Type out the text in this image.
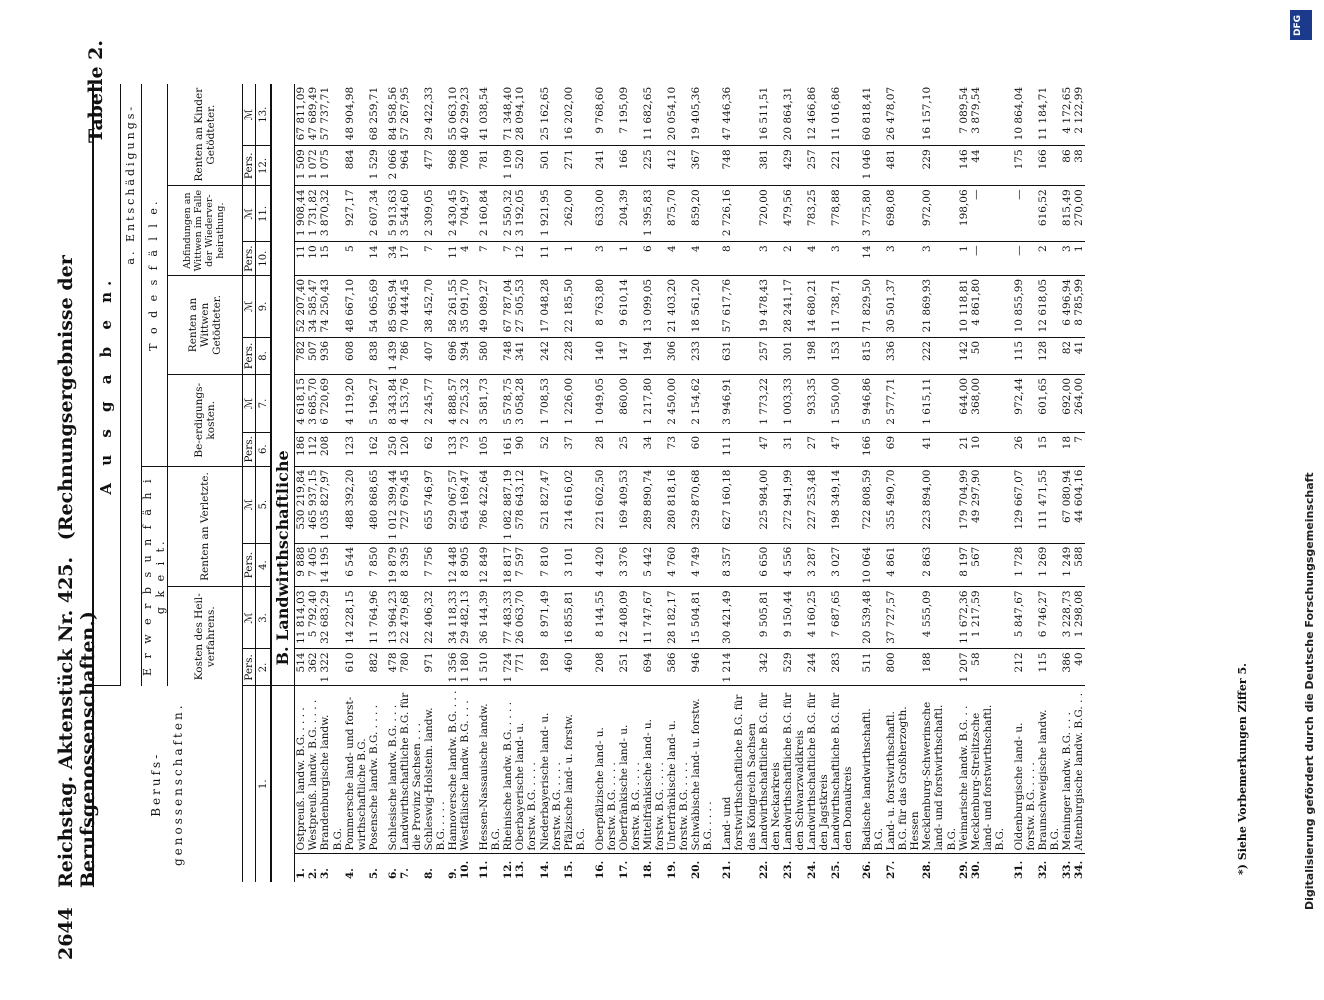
2644
Reichstag. Aktenstück Nr. 425. (Rechnungsergebnisse der Berufsgenossenschaften.)
Tabelle 2.
Berufs- genossenschaften.		A u s g a b e n.											
		a. Entschädigungs-											
		E r w e r b s u n f ä h i g k e i t.				T o d e s f ä l l e.							
		Kosten des Heil-verfahrens.		Renten an Verletzte.		Be-erdigungs-kosten.		Renten an Wittwen Getödteter.		Abfindungen an Wittwen im Falle der Wiederver-heirathung.		Renten an Kinder Getödteter.	
		Pers.	ℳ	Pers.	ℳ	Pers.	ℳ	Pers.	ℳ	Pers.	ℳ	Pers.	ℳ
1.		2.	3.	4.	5.	6.	7.	8.	9.	10.	11.	12.	13.
		B. Landwirthschaftliche											
1.	Ostpreuß. landw. B.G. . . . .	514	11 814,03	9 888	530 219,84	186	4 618,15	782	52 207,40	11	1 908,44	1 509	67 811,09
2.	Westpreuß. landw. B.G. . . . .	362	5 792,40	7 405	465 937,15	112	3 685,70	507	34 585,47	10	1 731,82	1 072	47 689,49
3.	Brandenburgische landw. B.G.	1 322	32 683,29	14 195	1 035 827,97	208	6 720,69	936	74 250,43	15	3 870,32	1 075	57 737,71
4.	Pommersche land- und forst-wirthschaftliche B.G.	610	14 228,15	6 544	488 392,20	123	4 119,20	608	48 667,10	5	927,17	884	48 904,98
5.	Posensche landw. B.G. . . . .	882	11 764,96	7 850	480 868,65	162	5 196,27	838	54 065,69	14	2 607,34	1 529	68 259,71

6.	Schlesische landw. B.G. . . .	478	13 964,23	19 879	1 012 399,44	250	8 343,84	1 439	85 965,94	34	5 913,63	2 066	84 958,56
7.	Landwirthschaftliche B.G. für die Provinz Sachsen . . .	780	22 479,68	8 395	727 679,45	120	4 153,76	786	70 444,45	17	3 544,60	964	57 267,95
8.	Schleswig-Holstein. landw. B.G. . . . .	971	22 406,32	7 756	655 746,97	62	2 245,77	407	38 452,70	7	2 309,05	477	29 422,33
9.	Hannoversche landw. B.G. . . .	1 356	34 118,33	12 448	929 067,57	133	4 888,57	696	58 261,55	11	2 430,45	968	55 063,10
10.	Westfälische landw. B.G. . . .	1 180	29 482,13	8 905	654 169,47	73	2 725,32	394	35 091,70	4	704,97	708	40 299,23

11.	Hessen-Nassauische landw. B.G.	1 510	36 144,39	12 849	786 422,64	105	3 581,73	580	49 089,27	7	2 160,84	781	41 038,54
12.	Rheinische landw. B.G. . . . .	1 724	77 483,33	18 817	1 082 887,19	161	5 578,75	748	67 787,04	7	2 550,32	1 109	71 348,40
13.	Oberbayerische land- u. forstw. B.G. . . . .	771	26 063,70	7 597	578 643,12	90	3 058,28	341	27 505,53	12	3 192,05	520	28 094,10
14.	Niederbayerische land- u. forstw. B.G. . . . .	189	8 971,49	7 810	521 827,47	52	1 708,53	242	17 048,28	11	1 921,95	501	25 162,65
15.	Pfälzische land- u. forstw. B.G.	460	16 855,81	3 101	214 616,02	37	1 226,00	228	22 185,50	1	262,00	271	16 202,00

16.	Oberpfälzische land- u. forstw. B.G. . . . .	208	8 144,55	4 420	221 602,50	28	1 049,05	140	8 763,80	3	633,00	241	9 768,60
17.	Oberfränkische land- u. forstw. B.G. . . . .	251	12 408,09	3 376	169 409,53	25	860,00	147	9 610,14	1	204,39	166	7 195,09
18.	Mittelfränkische land- u. forstw. B.G. . . . .	694	11 747,67	5 442	289 890,74	34	1 217,80	194	13 099,05	6	1 395,83	225	11 682,65
19.	Unterfränkische land- u. forstw. B.G. . . . .	586	28 182,17	4 760	280 818,16	73	2 450,00	306	21 403,20	4	875,70	412	20 054,10
20.	Schwäbische land- u. forstw. B.G. . . . .	946	15 504,81	4 749	329 870,68	60	2 154,62	233	18 561,20	4	859,20	367	19 405,36

21.	Land- und forstwirthschaftliche B.G. für das Königreich Sachsen	1 214	30 421,49	8 357	627 160,18	111	3 946,91	631	57 617,76	8	2 726,16	748	47 446,36
22.	Landwirthschaftliche B.G. für den Neckarkreis	342	9 505,81	6 650	225 984,00	47	1 773,22	257	19 478,43	3	720,00	381	16 511,51
23.	Landwirthschaftliche B.G. für den Schwarzwaldkreis	529	9 150,44	4 556	272 941,99	31	1 003,33	301	28 241,17	2	479,56	429	20 864,31
24.	Landwirthschaftliche B.G. für den Jagstkreis	244	4 160,25	3 287	227 253,48	27	933,35	198	14 680,21	4	783,25	257	12 466,86
25.	Landwirthschaftliche B.G. für den Donaukreis	283	7 687,65	3 027	198 349,14	47	1 550,00	153	11 738,71	3	778,88	221	11 016,86

26.	Badische landwirthschaftl. B.G.	511	20 539,48	10 064	722 808,59	166	5 946,86	815	71 829,50	14	3 775,80	1 046	60 818,41
27.	Land- u. forstwirthschaftl. B.G. für das Großherzogth. Hessen	800	37 727,57	4 861	355 490,70	69	2 577,71	336	30 501,37	3	698,08	481	26 478,07
28.	Mecklenburg-Schwerinsche land- und forstwirthschaftl. B.G.	188	4 555,09	2 863	223 894,00	41	1 615,11	222	21 869,93	3	972,00	229	16 157,10
29.	Weimarische landw. B.G. . .	1 207	11 672,36	8 197	179 704,99	21	644,00	142	10 118,81	1	198,06	146	7 089,54
30.	Mecklenburg-Strelitzsche land- und forstwirthschaftl. B.G.	58	1 217,59	567	49 297,90	10	368,00	50	4 861,80	—	—	44	3 879,54

31.	Oldenburgische land- u. forstw. B.G. . . . .	212	5 847,67	1 728	129 667,07	26	972,44	115	10 855,99	—	—	175	10 864,04
32.	Braunschweigische landw. B.G.	115	6 746,27	1 269	111 471,55	15	601,65	128	12 618,05	2	616,52	166	11 184,71
33.	Meininger landw. B.G. . . .	386	3 228,73	1 249	67 080,94	18	692,00	82	6 496,94	3	815,49	86	4 172,65
34.	Altenburgische landw. B.G. . .	40	1 298,08	588	44 604,16	7	264,00	41	8 785,99	1	270,00	38	2 122,99
*) Siehe Vorbemerkungen Ziffer 5.
DFG
Digitalisierung gefördert durch die Deutsche Forschungsgemeinschaft
